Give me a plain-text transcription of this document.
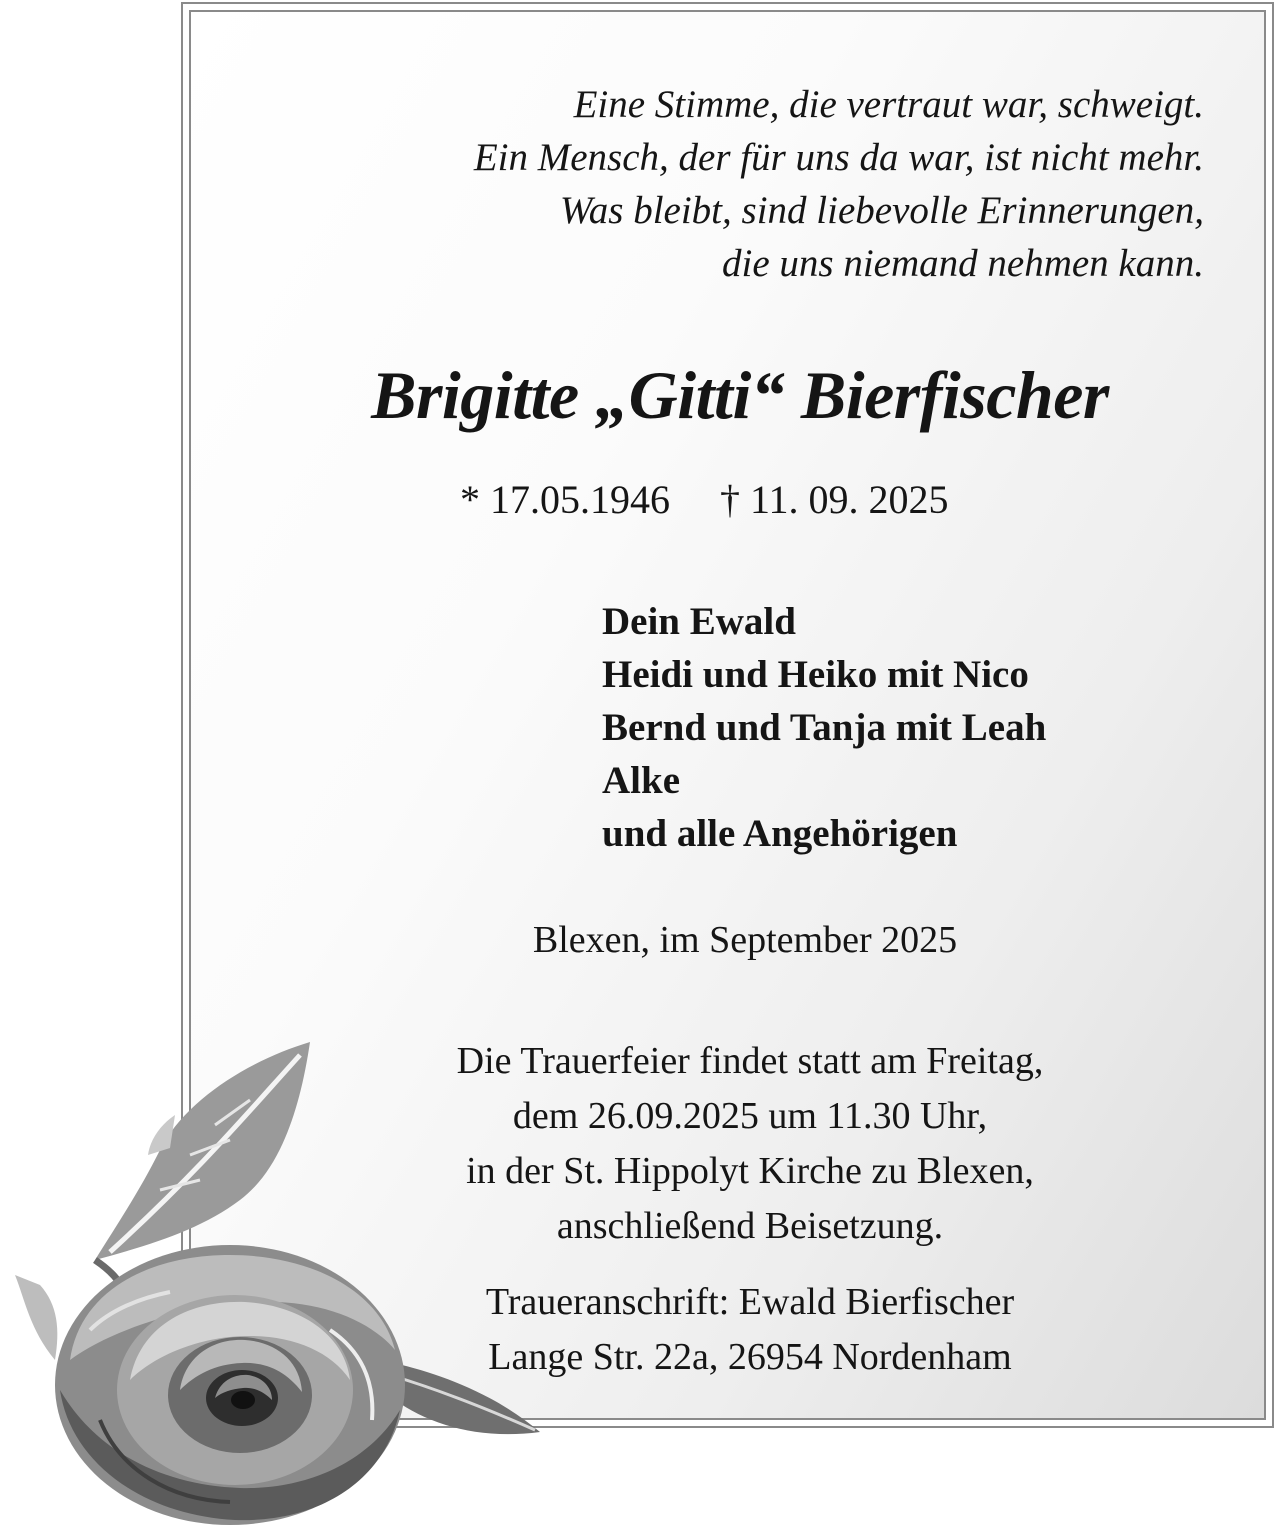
Eine Stimme, die vertraut war, schweigt.
Ein Mensch, der für uns da war, ist nicht mehr.
Was bleibt, sind liebevolle Erinnerungen,
die uns niemand nehmen kann.
Brigitte „Gitti“ Bierfischer
* 17.05.1946 † 11. 09. 2025
Dein Ewald
Heidi und Heiko mit Nico
Bernd und Tanja mit Leah
Alke
und alle Angehörigen
Blexen, im September 2025
Die Trauerfeier findet statt am Freitag,
dem 26.09.2025 um 11.30 Uhr,
in der St. Hippolyt Kirche zu Blexen,
anschließend Beisetzung.
Traueranschrift: Ewald Bierfischer
Lange Str. 22a, 26954 Nordenham
